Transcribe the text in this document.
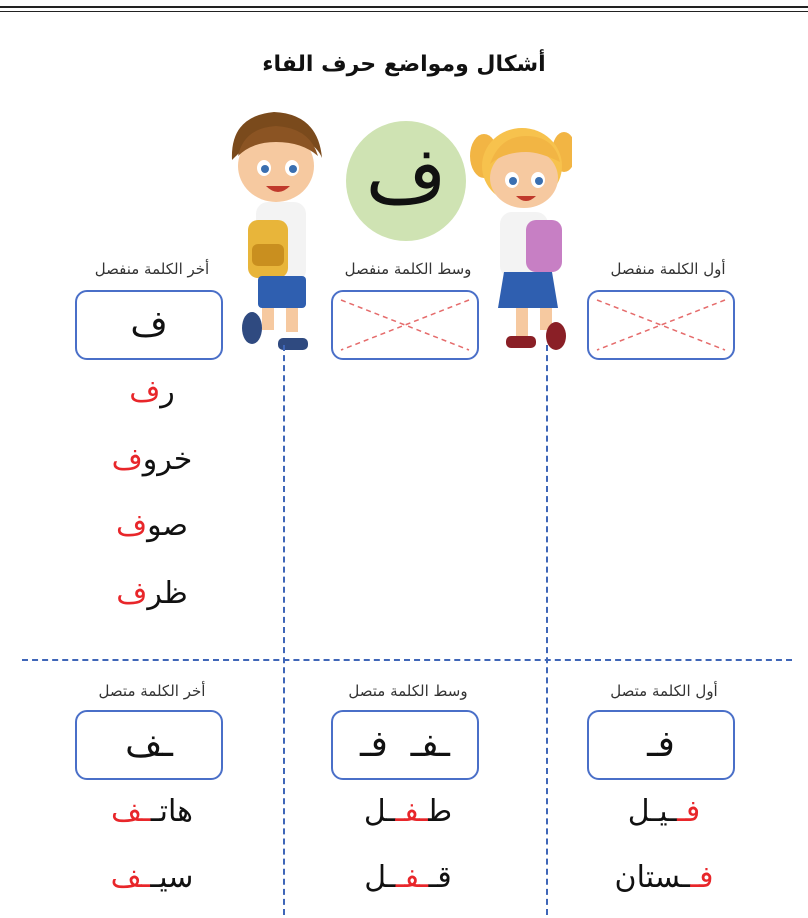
أشكال ومواضع حرف الفاء
ف
أول الكلمة منفصل
وسط الكلمة منفصل
أخر الكلمة منفصل
ف
رف
خروف
صوف
ظرف
أول الكلمة متصل
وسط الكلمة متصل
أخر الكلمة متصل
فـ
ـفـ  فـ
ـف
فــيـل
فــستان
طـفــل
قــفــل
هاتــف
سيــف
